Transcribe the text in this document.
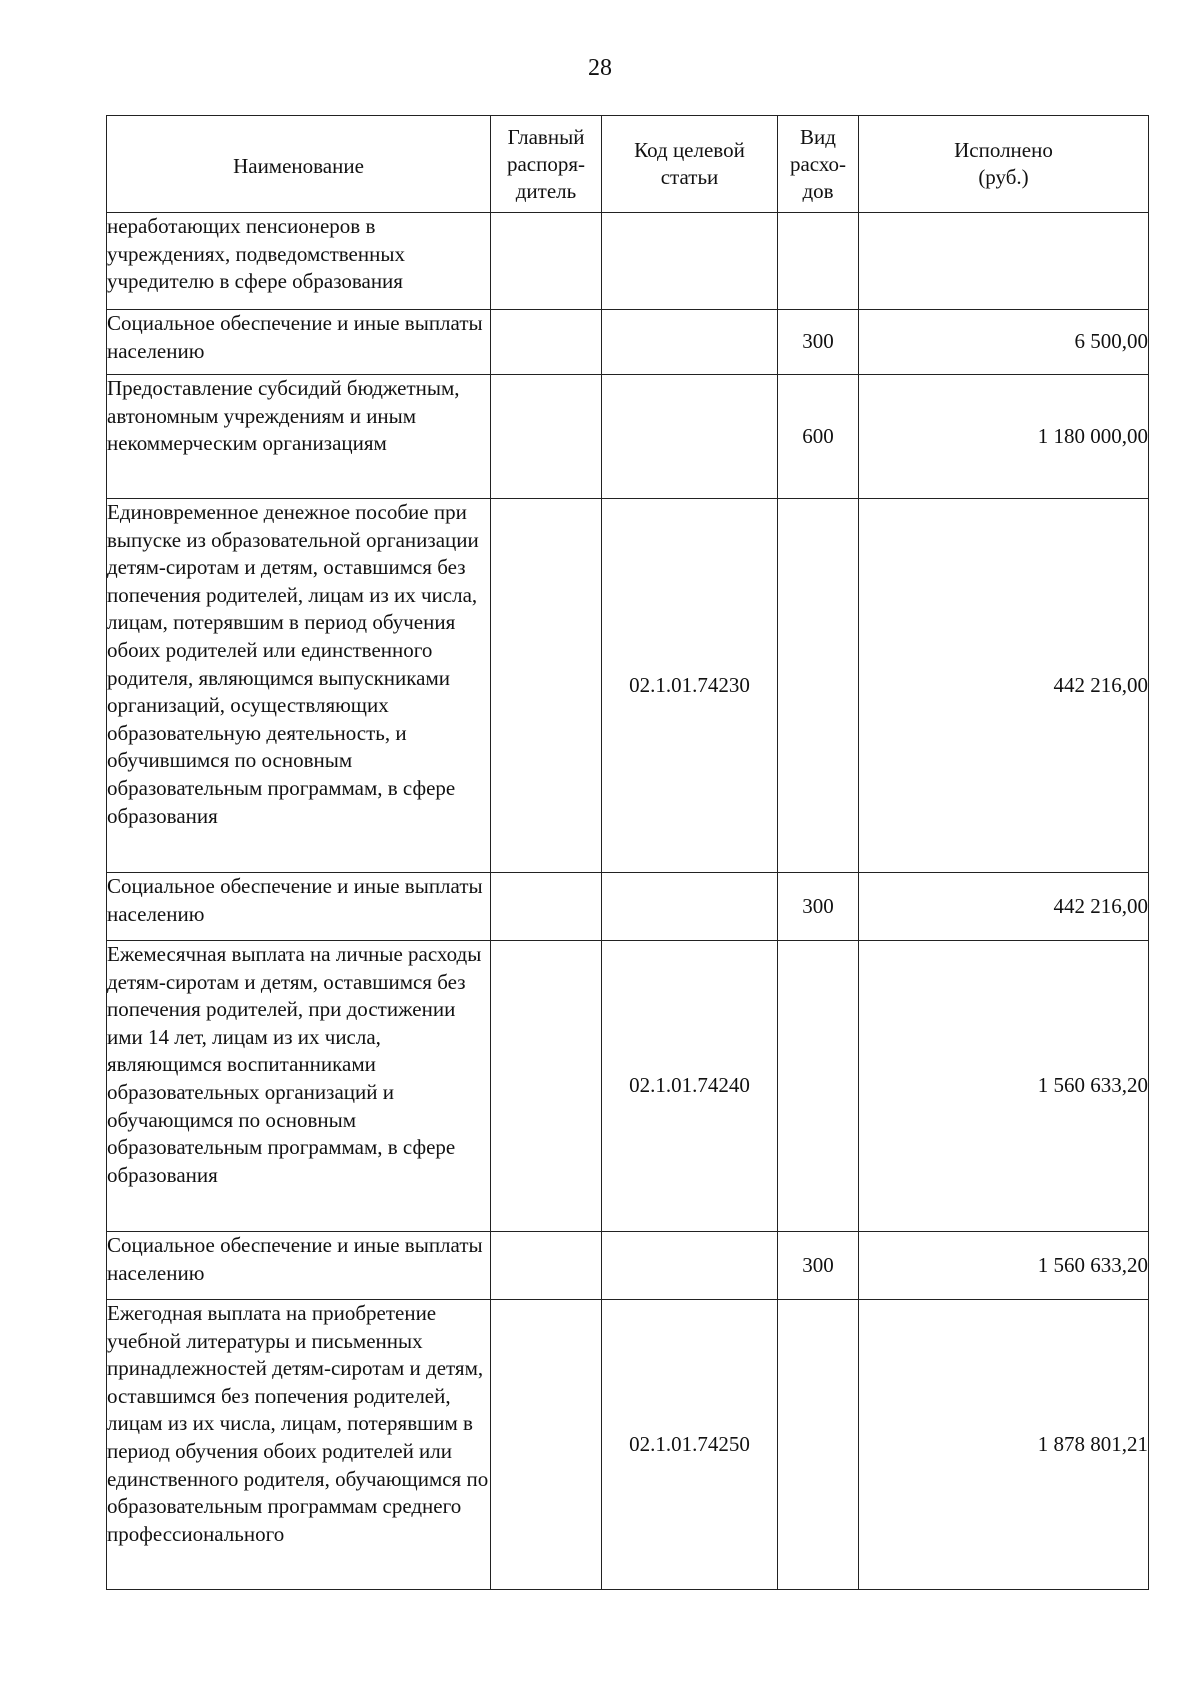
28
Наименование	Главный распоря-дитель	Код целевой статьи	Вид расхо-дов	Исполнено (руб.)

неработающих пенсионеров в учреждениях, подведомственных учредителю в сфере образования				
Социальное обеспечение и иные выплаты населению			300	6 500,00
Предоставление субсидий бюджетным, автономным учреждениям и иным некоммерческим организациям			600	1 180 000,00
Единовременное денежное пособие при выпуске из образовательной организации детям-сиротам и детям, оставшимся без попечения родителей, лицам из их числа, лицам, потерявшим в период обучения обоих родителей или единственного родителя, являющимся выпускниками организаций, осуществляющих образовательную деятельность, и обучившимся по основным образовательным программам, в сфере образования		02.1.01.74230		442 216,00
Социальное обеспечение и иные выплаты населению			300	442 216,00
Ежемесячная выплата на личные расходы детям-сиротам и детям, оставшимся без попечения родителей, при достижении ими 14 лет, лицам из их числа, являющимся воспитанниками образовательных организаций и обучающимся по основным образовательным программам, в сфере образования		02.1.01.74240		1 560 633,20
Социальное обеспечение и иные выплаты населению			300	1 560 633,20
Ежегодная выплата на приобретение учебной литературы и письменных принадлежностей детям-сиротам и детям, оставшимся без попечения родителей, лицам из их числа, лицам, потерявшим в период обучения обоих родителей или единственного родителя, обучающимся по образовательным программам среднего профессионального		02.1.01.74250		1 878 801,21
